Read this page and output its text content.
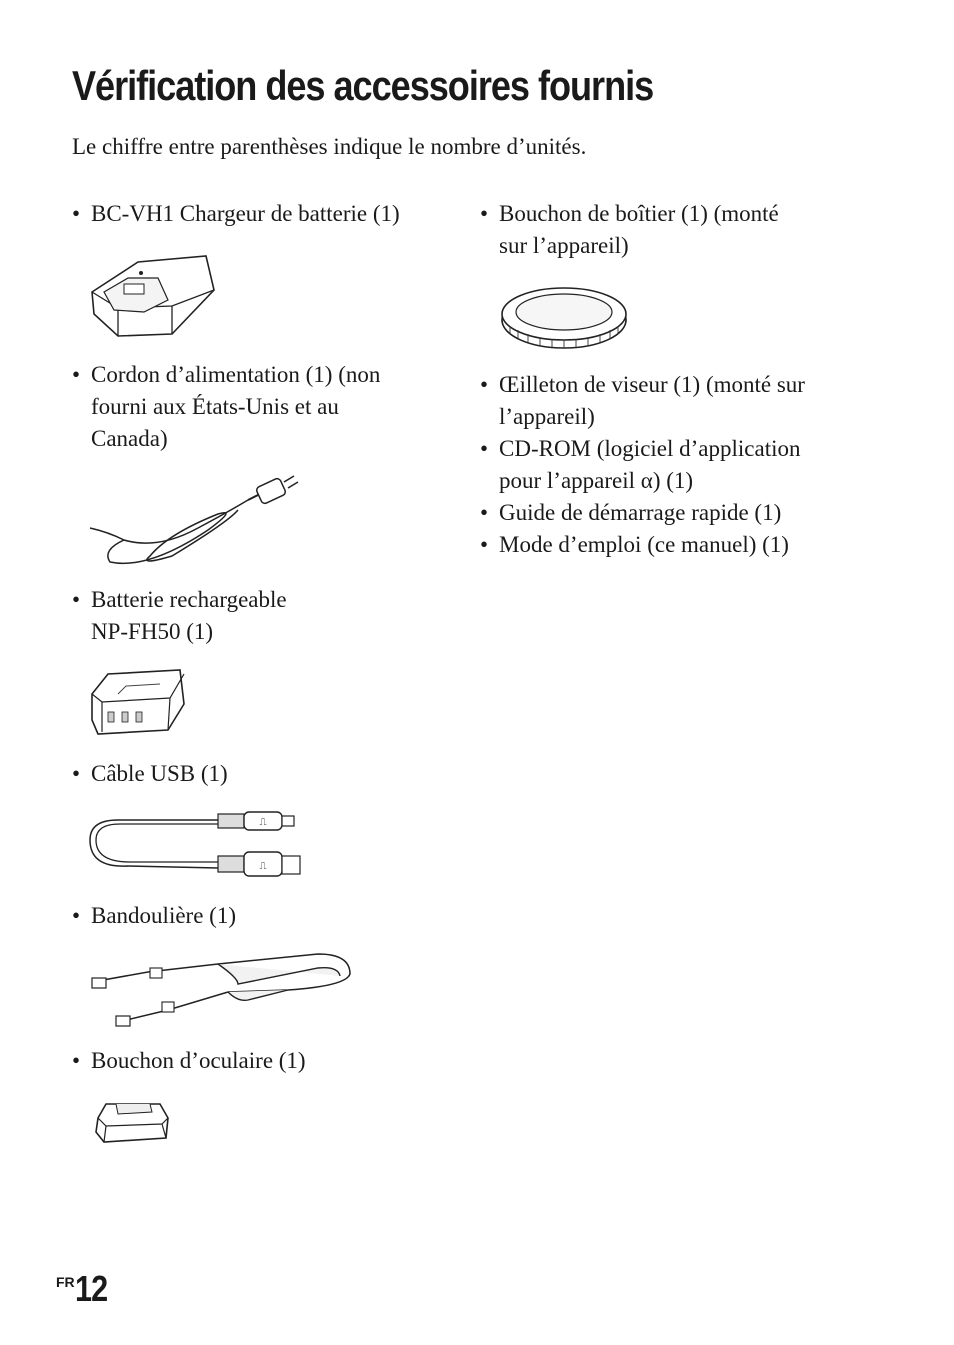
Vérification des accessoires fournis

Le chiffre entre parenthèses indique le nombre d’unités.

• BC-VH1 Chargeur de batterie (1)
• Cordon d’alimentation (1) (non
fourni aux États-Unis et au
Canada)
• Batterie rechargeable
NP-FH50 (1)
• Câble USB (1)
⎍
⎍
• Bandoulière (1)
• Bouchon d’oculaire (1)
• Bouchon de boîtier (1) (monté
sur l’appareil)
• Œilleton de viseur (1) (monté sur
l’appareil)
• CD-ROM (logiciel d’application
pour l’appareil α) (1)
• Guide de démarrage rapide (1)
• Mode d’emploi (ce manuel) (1)
FR12
